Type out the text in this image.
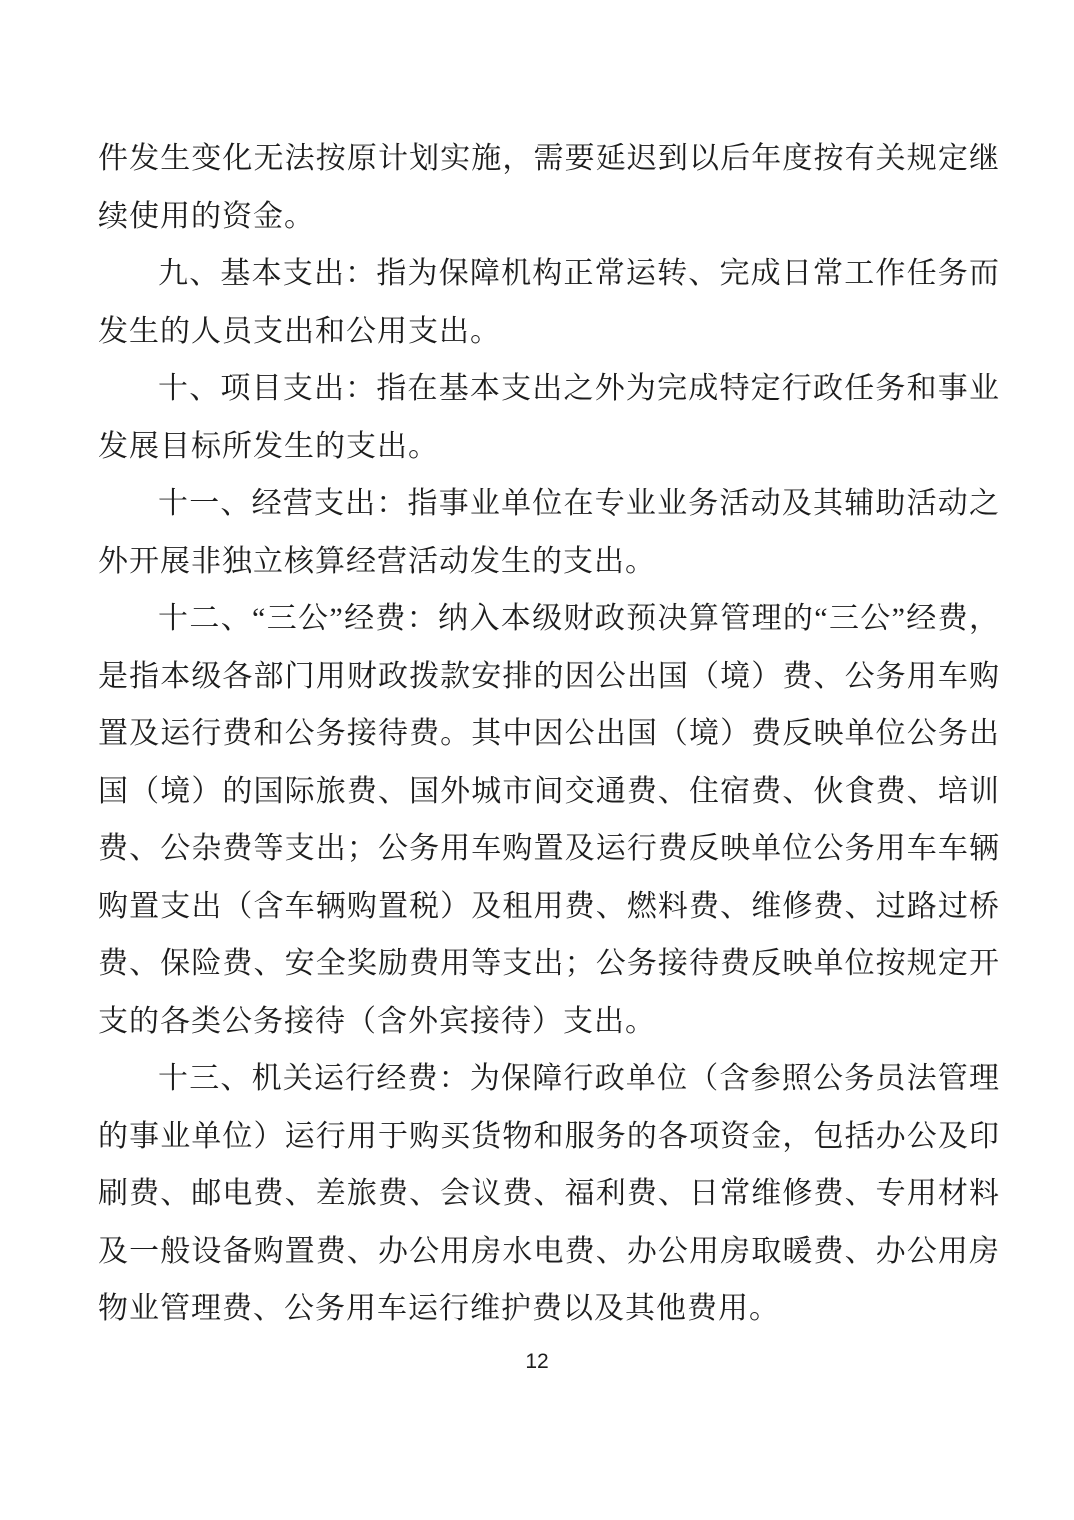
件发生变化无法按原计划实施，需要延迟到以后年度按有关规定继续使用的资金。

九、基本支出：指为保障机构正常运转、完成日常工作任务而发生的人员支出和公用支出。

十、项目支出：指在基本支出之外为完成特定行政任务和事业发展目标所发生的支出。

十一、经营支出：指事业单位在专业业务活动及其辅助活动之外开展非独立核算经营活动发生的支出。

十二、“三公”经费：纳入本级财政预决算管理的“三公”经费，是指本级各部门用财政拨款安排的因公出国（境）费、公务用车购置及运行费和公务接待费。其中因公出国（境）费反映单位公务出国（境）的国际旅费、国外城市间交通费、住宿费、伙食费、培训费、公杂费等支出；公务用车购置及运行费反映单位公务用车车辆购置支出（含车辆购置税）及租用费、燃料费、维修费、过路过桥费、保险费、安全奖励费用等支出；公务接待费反映单位按规定开支的各类公务接待（含外宾接待）支出。

十三、机关运行经费：为保障行政单位（含参照公务员法管理的事业单位）运行用于购买货物和服务的各项资金，包括办公及印刷费、邮电费、差旅费、会议费、福利费、日常维修费、专用材料及一般设备购置费、办公用房水电费、办公用房取暖费、办公用房物业管理费、公务用车运行维护费以及其他费用。

12
